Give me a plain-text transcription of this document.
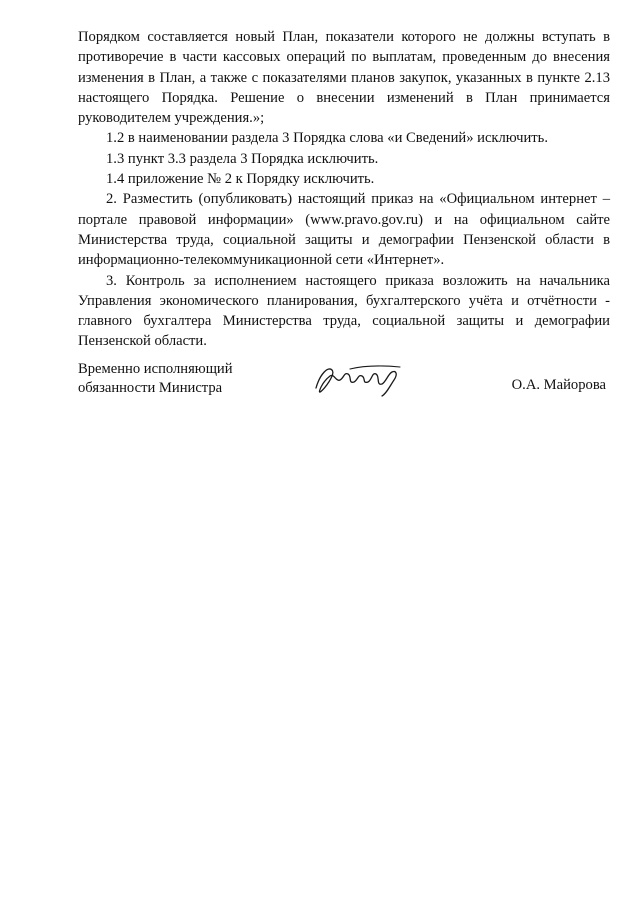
Порядком составляется новый План, показатели которого не должны вступать в противоречие в части кассовых операций по выплатам, проведенным до внесения изменения в План, а также с показателями планов закупок, указанных в пункте 2.13 настоящего Порядка. Решение о внесении изменений в План принимается руководителем учреждения.»;

1.2 в наименовании раздела 3 Порядка слова «и Сведений» исключить.

1.3 пункт 3.3 раздела 3 Порядка исключить.

1.4 приложение № 2 к Порядку исключить.

2. Разместить (опубликовать) настоящий приказ на «Официальном интернет – портале правовой информации» (www.pravo.gov.ru) и на официальном сайте Министерства труда, социальной защиты и демографии Пензенской области в информационно-телекоммуникационной сети «Интернет».

3. Контроль за исполнением настоящего приказа возложить на начальника Управления экономического планирования, бухгалтерского учёта и отчётности - главного бухгалтера Министерства труда, социальной защиты и демографии Пензенской области.

Временно исполняющий
обязанности Министра	О.А. Майорова
